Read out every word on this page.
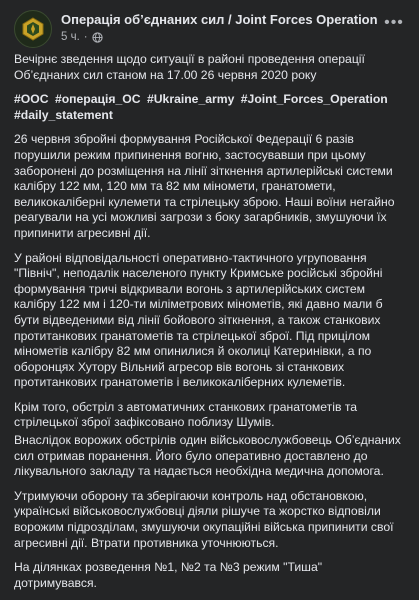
Операція об’єднаних сил / Joint Forces Operation
5 ч. ·
•••

Вечірнє зведення щодо ситуації в районі проведення операції Об’єднаних сил станом на 17.00 26 червня 2020 року

#ООС #операція_ОС #Ukraine_army #Joint_Forces_Operation #daily_statement

26 червня збройні формування Російської Федерації 6 разів порушили режим припинення вогню, застосувавши при цьому заборонені до розміщення на лінії зіткнення артилерійські системи калібру 122 мм, 120 мм та 82 мм міномети, гранатомети, великокаліберні кулемети та стрілецьку зброю. Наші воїни негайно реагували на усі можливі загрози з боку загарбників, змушуючи їх припинити агресивні дії.

У районі відповідальності оперативно-тактичного угруповання "Північ", неподалік населеного пункту Кримське російські збройні формування тричі відкривали вогонь з артилерійських систем калібру 122 мм і 120-ти міліметрових мінометів, які давно мали б бути відведеними від лінії бойового зіткнення, а також станкових протитанкових гранатометів та стрілецької зброї. Під прицілом мінометів калібру 82 мм опинилися й околиці Катеринівки, а по оборонцях Хутору Вільний агресор вів вогонь зі станкових протитанкових гранатометів і великокаліберних кулеметів.

Крім того, обстріл з автоматичних станкових гранатометів та стрілецької зброї зафіксовано поблизу Шумів.

Внаслідок ворожих обстрілів один військовослужбовець Об’єднаних сил отримав поранення. Його було оперативно доставлено до лікувального закладу та надається необхідна медична допомога.

Утримуючи оборону та зберігаючи контроль над обстановкою, українські військовослужбовці діяли рішуче та жорстко відповіли ворожим підрозділам, змушуючи окупаційні війська припинити свої агресивні дії. Втрати противника уточнюються.

На ділянках розведення №1, №2 та №3 режим "Тиша" дотримувався.
